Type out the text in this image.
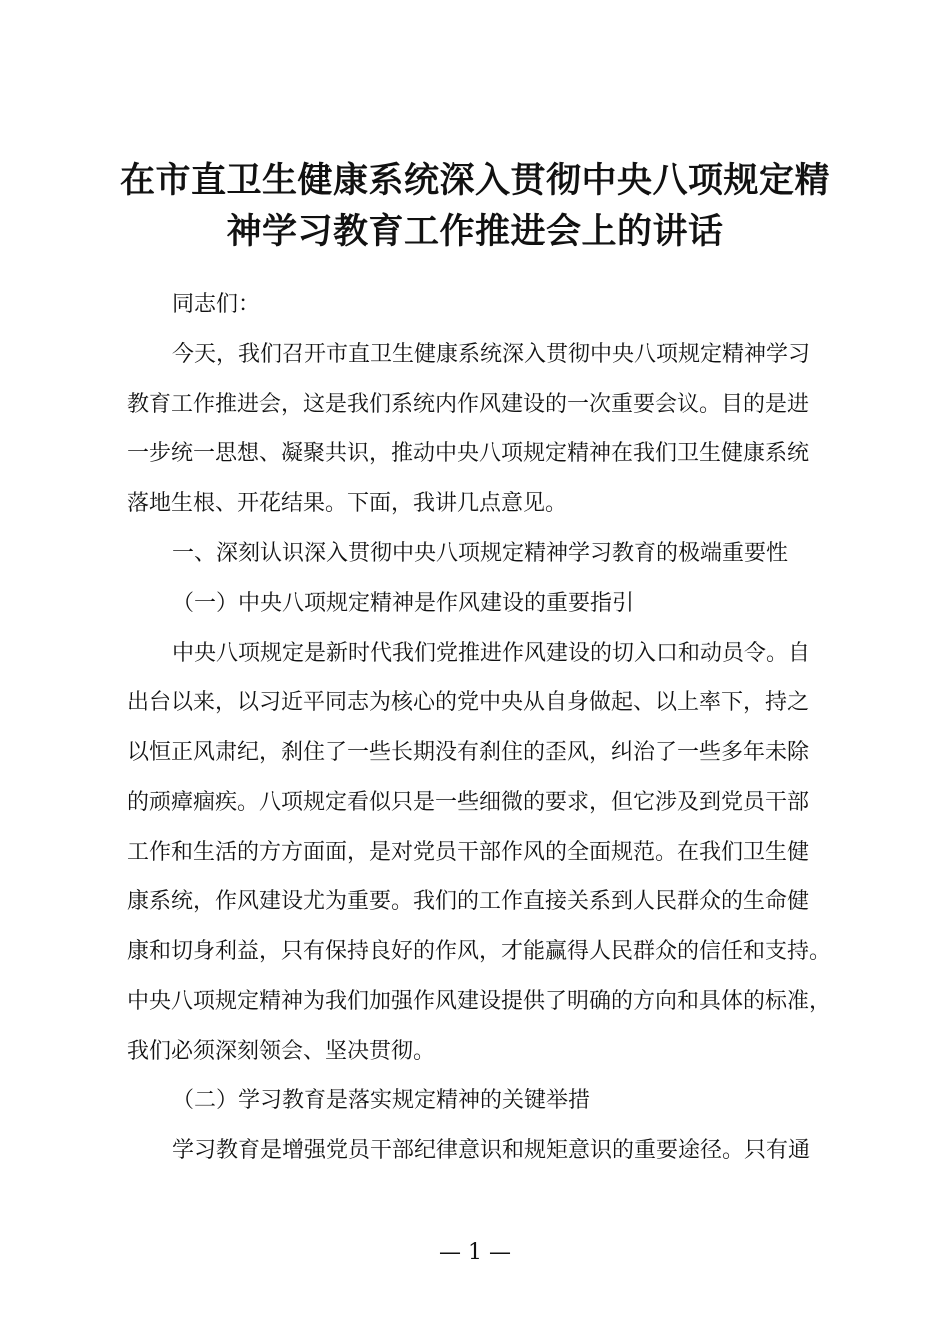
在市直卫生健康系统深入贯彻中央八项规定精
神学习教育工作推进会上的讲话
同志们：
今天，我们召开市直卫生健康系统深入贯彻中央八项规定精神学习
教育工作推进会，这是我们系统内作风建设的一次重要会议。目的是进
一步统一思想、凝聚共识，推动中央八项规定精神在我们卫生健康系统
落地生根、开花结果。下面，我讲几点意见。
一、深刻认识深入贯彻中央八项规定精神学习教育的极端重要性
（一）中央八项规定精神是作风建设的重要指引
中央八项规定是新时代我们党推进作风建设的切入口和动员令。自
出台以来，以习近平同志为核心的党中央从自身做起、以上率下，持之
以恒正风肃纪，刹住了一些长期没有刹住的歪风，纠治了一些多年未除
的顽瘴痼疾。八项规定看似只是一些细微的要求，但它涉及到党员干部
工作和生活的方方面面，是对党员干部作风的全面规范。在我们卫生健
康系统，作风建设尤为重要。我们的工作直接关系到人民群众的生命健
康和切身利益，只有保持良好的作风，才能赢得人民群众的信任和支持。
中央八项规定精神为我们加强作风建设提供了明确的方向和具体的标准，
我们必须深刻领会、坚决贯彻。
（二）学习教育是落实规定精神的关键举措
学习教育是增强党员干部纪律意识和规矩意识的重要途径。只有通
— 1 —
